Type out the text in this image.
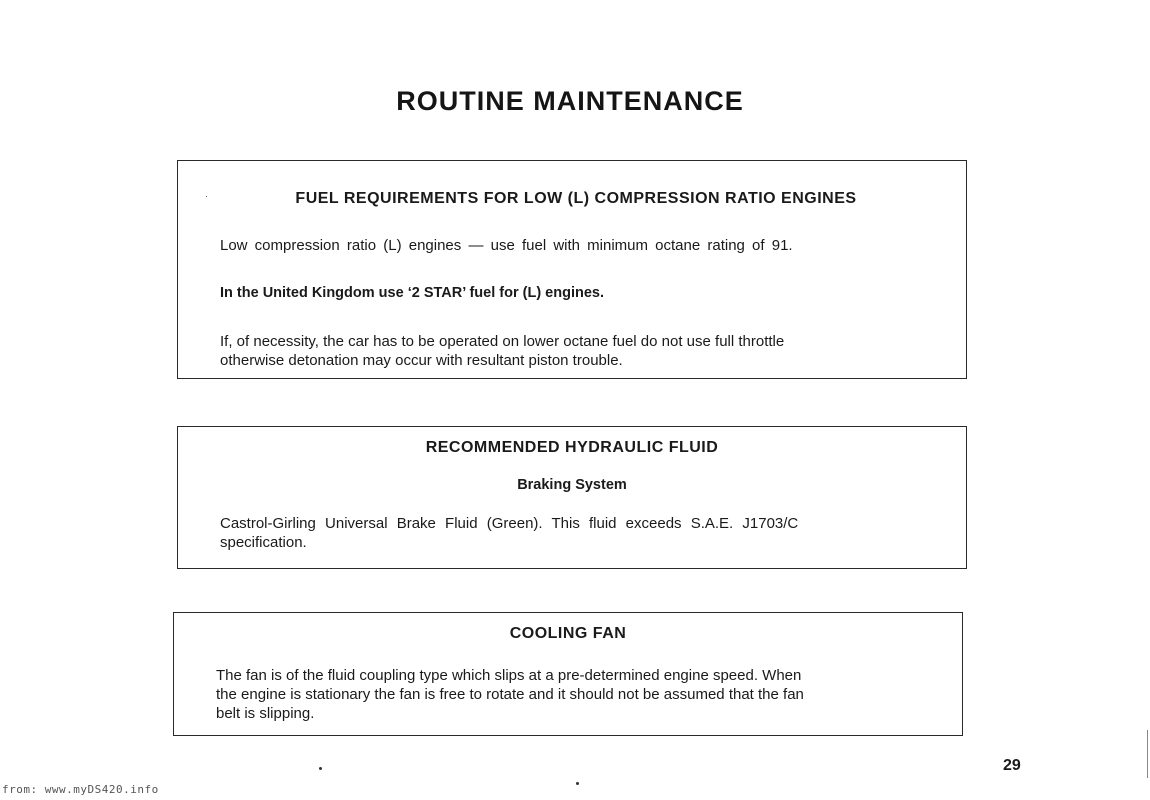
ROUTINE MAINTENANCE
FUEL REQUIREMENTS FOR LOW (L) COMPRESSION RATIO ENGINES
Low compression ratio (L) engines — use fuel with minimum octane rating of 91.
In the United Kingdom use ‘2 STAR’ fuel for (L) engines.
If, of necessity, the car has to be operated on lower octane fuel do not use full throttle
otherwise detonation may occur with resultant piston trouble.
RECOMMENDED HYDRAULIC FLUID
Braking System
Castrol-Girling Universal Brake Fluid (Green). This fluid exceeds S.A.E. J1703/C
specification.
COOLING FAN
The fan is of the fluid coupling type which slips at a pre-determined engine speed. When
the engine is stationary the fan is free to rotate and it should not be assumed that the fan
belt is slipping.
29
from: www.myDS420.info
